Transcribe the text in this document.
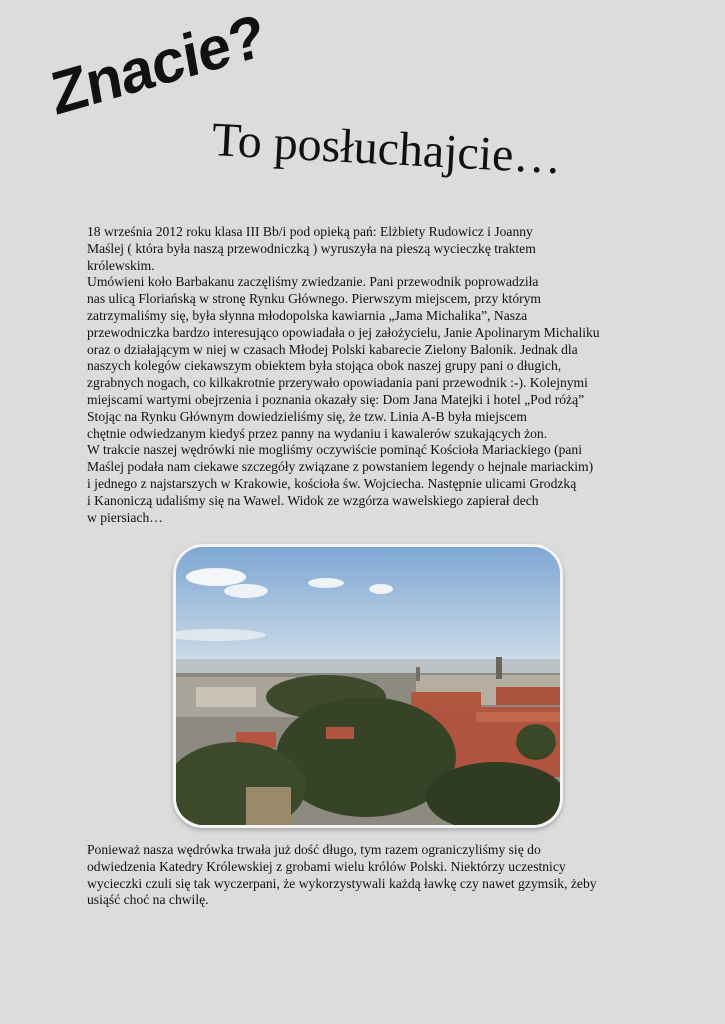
Znacie?
To posłuchajcie…
18 września 2012 roku klasa III Bb/i pod opieką pań: Elżbiety Rudowicz i Joanny
Maślej ( która była naszą przewodniczką ) wyruszyła na pieszą wycieczkę traktem
królewskim.
Umówieni koło Barbakanu zaczęliśmy zwiedzanie. Pani przewodnik poprowadziła
nas ulicą Floriańską w stronę Rynku Głównego. Pierwszym miejscem, przy którym
zatrzymaliśmy się, była słynna młodopolska kawiarnia „Jama Michalika”, Nasza
przewodniczka bardzo interesująco opowiadała o jej założycielu, Janie Apolinarym Michaliku
oraz o działającym w niej w czasach Młodej Polski kabarecie Zielony Balonik. Jednak dla
naszych kolegów ciekawszym obiektem była stojąca obok naszej grupy pani o długich,
zgrabnych nogach, co kilkakrotnie przerywało opowiadania pani przewodnik :-). Kolejnymi
miejscami wartymi obejrzenia i poznania okazały się: Dom Jana Matejki i hotel „Pod różą”
Stojąc na Rynku Głównym dowiedzieliśmy się, że tzw. Linia A-B była miejscem
chętnie odwiedzanym kiedyś przez panny na wydaniu i kawalerów szukających żon.
W trakcie naszej wędrówki nie mogliśmy oczywiście pominąć Kościoła Mariackiego (pani
Maślej podała nam ciekawe szczegóły związane z powstaniem legendy o hejnale mariackim)
i jednego z najstarszych w Krakowie, kościoła św. Wojciecha. Następnie ulicami Grodzką
i Kanoniczą udaliśmy się na Wawel. Widok ze wzgórza wawelskiego zapierał dech
w piersiach…
Ponieważ nasza wędrówka trwała już dość długo, tym razem ograniczyliśmy się do
odwiedzenia Katedry Królewskiej z grobami wielu królów Polski. Niektórzy uczestnicy
wycieczki czuli się tak wyczerpani, że wykorzystywali każdą ławkę czy nawet gzymsik, żeby
usiąść choć na chwilę.
